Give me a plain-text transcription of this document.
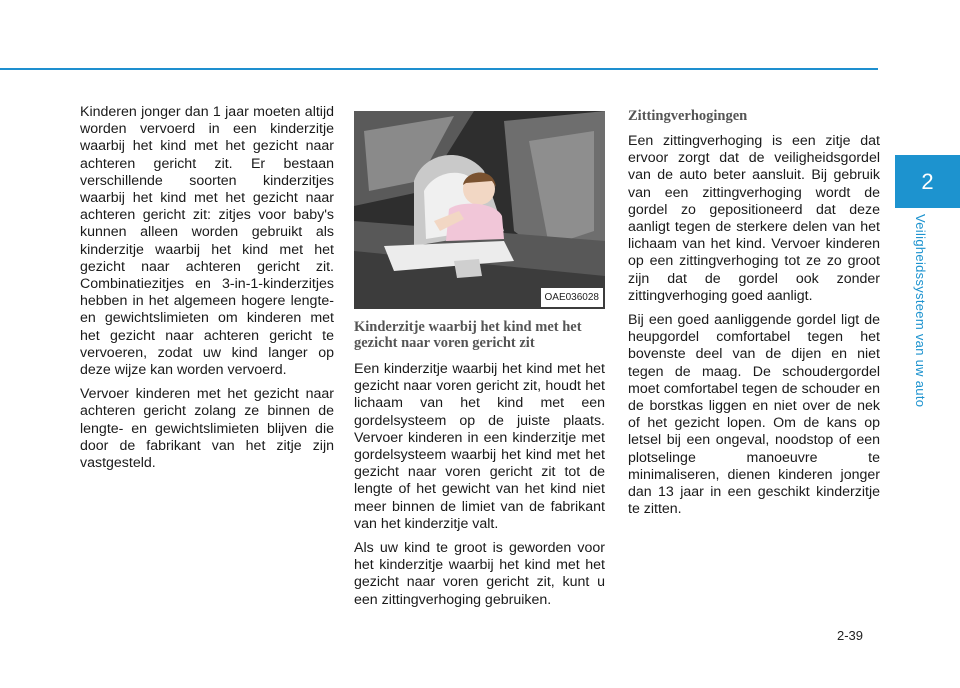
2
Veiligheidssysteem van uw auto

Kinderen jonger dan 1 jaar moeten altijd worden vervoerd in een kinderzitje waarbij het kind met het gezicht naar achteren gericht zit. Er bestaan verschillende soorten kinderzitjes waarbij het kind met het gezicht naar achteren gericht zit: zitjes voor baby's kunnen alleen worden gebruikt als kinderzitje waarbij het kind met het gezicht naar achteren gericht zit. Combinatiezitjes en 3-in-1-kinderzitjes hebben in het algemeen hogere lengte- en gewichtslimieten om kinderen met het gezicht naar achteren gericht te vervoeren, zodat uw kind langer op deze wijze kan worden vervoerd.

Vervoer kinderen met het gezicht naar achteren gericht zolang ze binnen de lengte- en gewichtslimieten blijven die door de fabrikant van het zitje zijn vastgesteld.

OAE036028
Kinderzitje waarbij het kind met het gezicht naar voren gericht zit

Een kinderzitje waarbij het kind met het gezicht naar voren gericht zit, houdt het lichaam van het kind met een gordelsysteem op de juiste plaats. Vervoer kinderen in een kinderzitje met gordelsysteem waarbij het kind met het gezicht naar voren gericht zit tot de lengte of het gewicht van het kind niet meer binnen de limiet van de fabrikant van het kinderzitje valt.

Als uw kind te groot is geworden voor het kinderzitje waarbij het kind met het gezicht naar voren gericht zit, kunt u een zittingverhoging gebruiken.

Zittingverhogingen

Een zittingverhoging is een zitje dat ervoor zorgt dat de veiligheidsgordel van de auto beter aansluit. Bij gebruik van een zittingverhoging wordt de gordel zo gepositioneerd dat deze aanligt tegen de sterkere delen van het lichaam van het kind. Vervoer kinderen op een zittingverhoging tot ze zo groot zijn dat de gordel ook zonder zittingverhoging goed aanligt.

Bij een goed aanliggende gordel ligt de heupgordel comfortabel tegen het bovenste deel van de dijen en niet tegen de maag. De schoudergordel moet comfortabel tegen de schouder en de borstkas liggen en niet over de nek of het gezicht lopen. Om de kans op letsel bij een ongeval, noodstop of een plotselinge manoeuvre te minimaliseren, dienen kinderen jonger dan 13 jaar in een geschikt kinderzitje te zitten.

2-39
